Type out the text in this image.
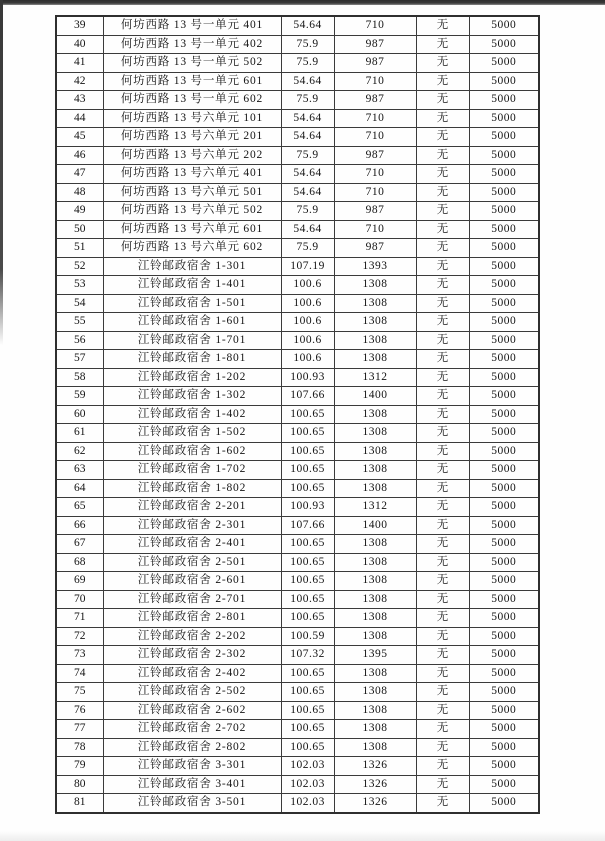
39	何坊西路 13 号一单元 401	54.64	710	无	5000
40	何坊西路 13 号一单元 402	75.9	987	无	5000
41	何坊西路 13 号一单元 502	75.9	987	无	5000
42	何坊西路 13 号一单元 601	54.64	710	无	5000
43	何坊西路 13 号一单元 602	75.9	987	无	5000
44	何坊西路 13 号六单元 101	54.64	710	无	5000
45	何坊西路 13 号六单元 201	54.64	710	无	5000
46	何坊西路 13 号六单元 202	75.9	987	无	5000
47	何坊西路 13 号六单元 401	54.64	710	无	5000
48	何坊西路 13 号六单元 501	54.64	710	无	5000
49	何坊西路 13 号六单元 502	75.9	987	无	5000
50	何坊西路 13 号六单元 601	54.64	710	无	5000
51	何坊西路 13 号六单元 602	75.9	987	无	5000
52	江铃邮政宿舍 1-301	107.19	1393	无	5000
53	江铃邮政宿舍 1-401	100.6	1308	无	5000
54	江铃邮政宿舍 1-501	100.6	1308	无	5000
55	江铃邮政宿舍 1-601	100.6	1308	无	5000
56	江铃邮政宿舍 1-701	100.6	1308	无	5000
57	江铃邮政宿舍 1-801	100.6	1308	无	5000
58	江铃邮政宿舍 1-202	100.93	1312	无	5000
59	江铃邮政宿舍 1-302	107.66	1400	无	5000
60	江铃邮政宿舍 1-402	100.65	1308	无	5000
61	江铃邮政宿舍 1-502	100.65	1308	无	5000
62	江铃邮政宿舍 1-602	100.65	1308	无	5000
63	江铃邮政宿舍 1-702	100.65	1308	无	5000
64	江铃邮政宿舍 1-802	100.65	1308	无	5000
65	江铃邮政宿舍 2-201	100.93	1312	无	5000
66	江铃邮政宿舍 2-301	107.66	1400	无	5000
67	江铃邮政宿舍 2-401	100.65	1308	无	5000
68	江铃邮政宿舍 2-501	100.65	1308	无	5000
69	江铃邮政宿舍 2-601	100.65	1308	无	5000
70	江铃邮政宿舍 2-701	100.65	1308	无	5000
71	江铃邮政宿舍 2-801	100.65	1308	无	5000
72	江铃邮政宿舍 2-202	100.59	1308	无	5000
73	江铃邮政宿舍 2-302	107.32	1395	无	5000
74	江铃邮政宿舍 2-402	100.65	1308	无	5000
75	江铃邮政宿舍 2-502	100.65	1308	无	5000
76	江铃邮政宿舍 2-602	100.65	1308	无	5000
77	江铃邮政宿舍 2-702	100.65	1308	无	5000
78	江铃邮政宿舍 2-802	100.65	1308	无	5000
79	江铃邮政宿舍 3-301	102.03	1326	无	5000
80	江铃邮政宿舍 3-401	102.03	1326	无	5000
81	江铃邮政宿舍 3-501	102.03	1326	无	5000
